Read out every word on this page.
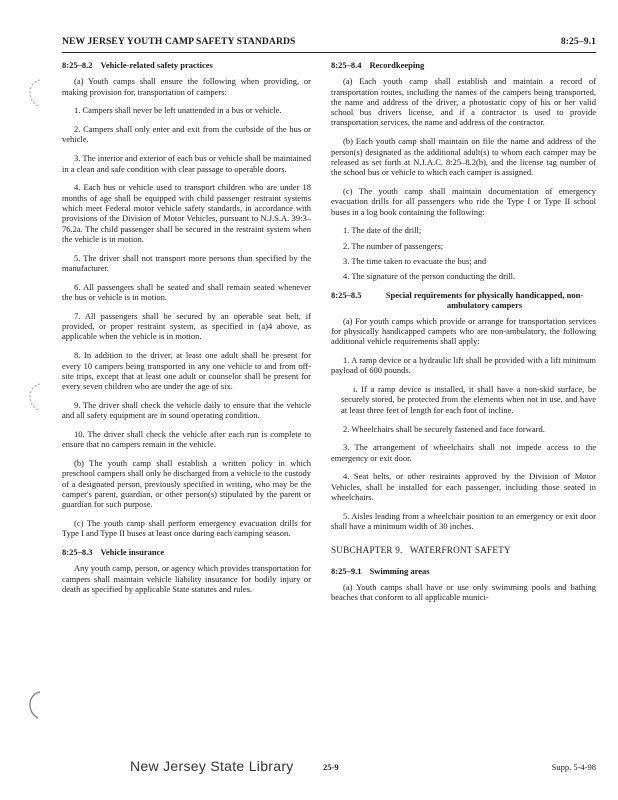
NEW JERSEY YOUTH CAMP SAFETY STANDARDS	8:25–9.1
8:25–8.2 Vehicle-related safety practices

(a) Youth camps shall ensure the following when providing, or making provision for, transportation of campers:

1. Campers shall never be left unattended in a bus or vehicle.

2. Campers shall only enter and exit from the curbside of the bus or vehicle.

3. The interior and exterior of each bus or vehicle shall be maintained in a clean and safe condition with clear passage to operable doors.

4. Each bus or vehicle used to transport children who are under 18 months of age shall be equipped with child passenger restraint systems which meet Federal motor vehicle safety standards, in accordance with provisions of the Division of Motor Vehicles, pursuant to N.J.S.A. 39:3–76.2a. The child passenger shall be secured in the restraint system when the vehicle is in motion.

5. The driver shall not transport more persons than specified by the manufacturer.

6. All passengers shall be seated and shall remain seated whenever the bus or vehicle is in motion.

7. All passengers shall be secured by an operable seat belt, if provided, or proper restraint system, as specified in (a)4 above, as applicable when the vehicle is in motion.

8. In addition to the driver, at least one adult shall be present for every 10 campers being transported in any one vehicle to and from off-site trips, except that at least one adult or counselor shall be present for every seven children who are under the age of six.

9. The driver shall check the vehicle daily to ensure that the vehicle and all safety equipment are in sound operating condition.

10. The driver shall check the vehicle after each run is complete to ensure that no campers remain in the vehicle.

(b) The youth camp shall establish a written policy in which preschool campers shall only be discharged from a vehicle to the custody of a designated person, previously specified in writing, who may be the camper's parent, guardian, or other person(s) stipulated by the parent or guardian for such purpose.

(c) The youth camp shall perform emergency evacuation drills for Type I and Type II buses at least once during each camping season.

8:25–8.3 Vehicle insurance

Any youth camp, person, or agency which provides transportation for campers shall maintain vehicle liability insurance for bodily injury or death as specified by applicable State statutes and rules.

8:25–8.4 Recordkeeping

(a) Each youth camp shall establish and maintain a record of transportation routes, including the names of the campers being transported, the name and address of the driver, a photostatic copy of his or her valid school bus drivers license, and if a contractor is used to provide transportation services, the name and address of the contractor.

(b) Each youth camp shall maintain on file the name and address of the person(s) designated as the additional adult(s) to whom each camper may be released as set forth at N.J.A.C. 8:25–8.2(b), and the license tag number of the school bus or vehicle to which each camper is assigned.

(c) The youth camp shall maintain documentation of emergency evacuation drills for all passengers who ride the Type I or Type II school buses in a log book containing the following:

1. The date of the drill;

2. The number of passengers;

3. The time taken to evacuate the bus; and

4. The signature of the person conducting the drill.

8:25–8.5	Special requirements for physically handicapped, non-ambulatory campers

(a) For youth camps which provide or arrange for transportation services for physically handicapped campers who are non-ambulatory, the following additional vehicle requirements shall apply:

1. A ramp device or a hydraulic lift shall be provided with a lift minimum payload of 600 pounds.

i. If a ramp device is installed, it shall have a non-skid surface, be securely stored, be protected from the elements when not in use, and have at least three feet of length for each foot of incline.

2. Wheelchairs shall be securely fastened and face forward.

3. The arrangement of wheelchairs shall not impede access to the emergency or exit door.

4. Seat belts, or other restraints approved by the Division of Motor Vehicles, shall be installed for each passenger, including those seated in wheelchairs.

5. Aisles leading from a wheelchair position to an emergency or exit door shall have a minimum width of 30 inches.

SUBCHAPTER 9.   WATERFRONT SAFETY
8:25–9.1 Swimming areas

(a) Youth camps shall have or use only swimming pools and bathing beaches that conform to all applicable munici-

New Jersey State Library	25-9	Supp. 5-4-98
